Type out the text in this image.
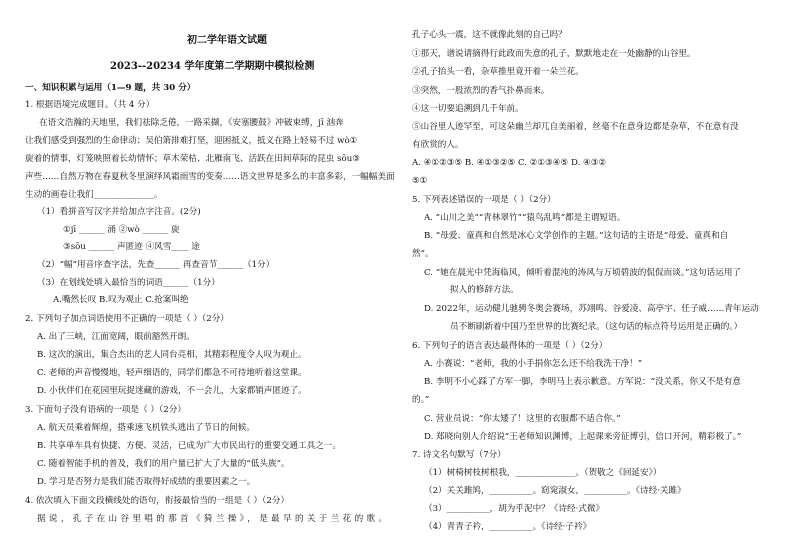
初二学年语文试题
2023--20234 学年度第二学期期中模拟检测
一、知识积累与运用（1—9 题，共 30 分）
1. 根据语境完成题目。（共 4 分）
在语文浩瀚的天地里，我们祛除乏倦，一路采撷，《安塞腰鼓》冲破束缚，jī 汹奔
让我们感受到强烈的生命律动；吴伯箫排难打坚，迎困抵义，抵义在路上轻易不过 wò①
旋着的情事，灯笼映照着长幼情怀；草木荣枯、北雁南飞、活跃在田间草际的昆虫 sōu③
声些……自然万物在春夏秋冬里演绎风霜雨雪的变奏……语文世界是多么的丰富多彩，一幅幅美面
生动的画卷让我们______________。
（1）看拼音写汉字并给加点字注音。(2分)
①jī ______ 涌 ②wò ______ 旋
③sōu ______ 声匿迹 ④风雪____ 途
（2）“幅”用音序查字法，先查______ 再查音节______（1分）
（3）在划线处填入最恰当的词语______（1分）
A.嘴然长叹 B.叹为观止 C.抢案叫绝
2. 下列句子加点词语使用不正确的一项是（ ）（2分）
A. 出了三峡，江面宽阔，眼前豁然开朗。
B. 这次的演出，集合杰出的艺人同台亮相，其精彩程度令人叹为观止。
C. 老师的声音慢慢地，轻声细语的，同学们都急不可待地听着这堂课。
D. 小伙伴们在花园里玩捉迷藏的游戏，不一会儿，大家都销声匿迹了。
3. 下面句子没有语病的一项是（ ）（2分）
A. 航天员乘着辉煌，搭乘速飞机铁头逃出了节日的间候。
B. 共享单车具有快捷、方便、灵活，已成为广大市民出行的重要交通工具之一。
C. 随着智能手机的普及，我们的用户量已扩大了大量的“低头族”。
D. 学习是否努力是我们能否取得好成绩的重要因素之一。
4. 依次填入下面文段横线处的语句，衔接最恰当的一组是（ ）（2分）
据说，孔子在山谷里唱的那首《猗兰操》，是最早的关于兰花的歌。
孔子心头一震，这不就像此刻的自己吗？
①那天，谱说请摘得行此政而失意的孔子，默默地走在一处幽静的山谷里。
②孔子抬头一看，杂草推里竟开着一朵兰花。
③突然，一股浓烈的香气扑鼻而来。
④这一切要追溯到几千年前。
⑤山谷里人迹罕至，可这朵幽兰却兀自美丽着，丝毫不在意身边都是杂草，不在意有没
有欣赏的人。
A. ④①②③⑤ B. ④①③②⑤ C. ②①③④⑤ D. ④③②
⑤①
5. 下列表述错误的一项是（ ）（2分）
A. “山川之美”“青林翠竹”“猿鸟乱鸣”都是主谓短语。
B. “母爱、童真和自然是冰心文学创作的主题。”这句话的主语是“母爱、童真和自
然”。
C. “她在晨光中凭海临风，倾听着混沌的涛风与万顷碧波的侃侃而谈。”这句话运用了
拟人的修辞方法。
D. 2022年，运动健儿驰骋冬奥会赛场，苏翊鸣、谷爱凌、高亭宇、任子威……青年运动
员不断刷新着中国乃至世界的比赛纪录。（这句话的标点符号运用是正确的。）
6. 下列句子的语言表达最得体的一项是（ ）（2分）
A. 小赛说：“老师，我的小手捐你怎么还不给我洗干净！”
B. 李明不小心踩了方军一脚，李明马上表示歉意。方军说：“没关系，你又不是有意
的。”
C. 营业员说：“你太矮了！这里的衣服都不适合你。”
D. 郑晓向别人介绍说“王老师知识渊博，上起课来旁征博引，信口开河，精彩极了。”
7. 诗文名句默写（7分）
（1）树椅树枝树根我，______________。（贺敬之《回延安》）
（2）关关雎鸠，__________。窈窕淑女，__________。《诗经·关雎》
（3）__________，胡为乎泥中？《诗经·式微》
（4）青青子衿，__________。《诗经·子衿》
